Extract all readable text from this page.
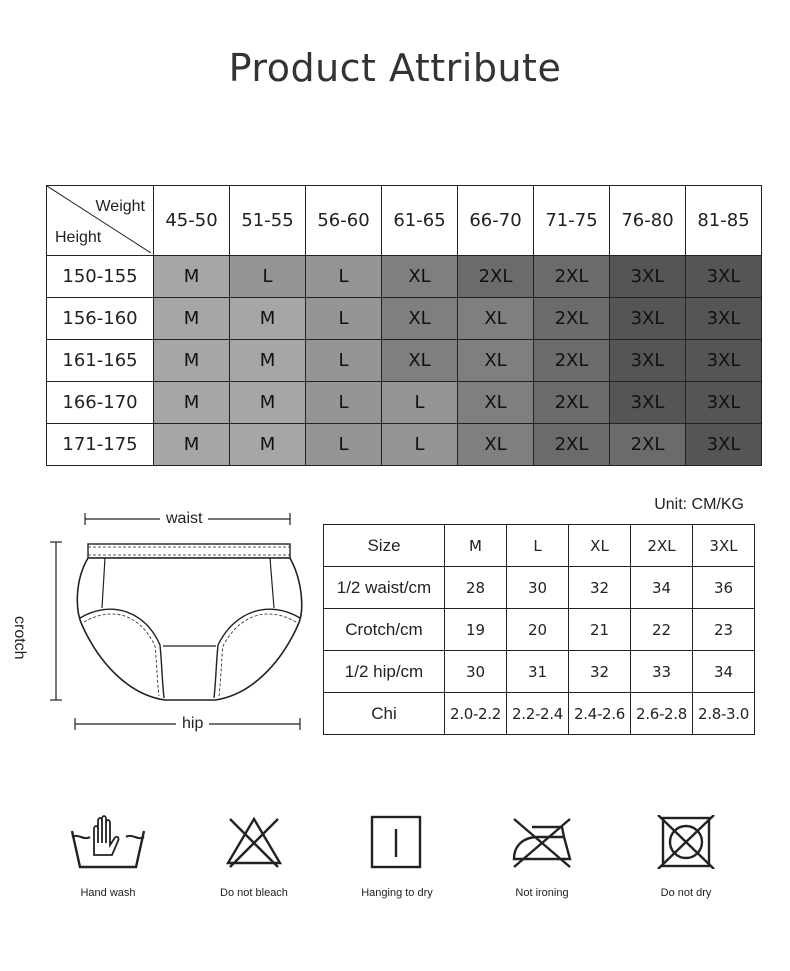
Product Attribute
Weight
Height	45-50	51-55	56-60	61-65	66-70	71-75	76-80	81-85
150-155	M	L	L	XL	2XL	2XL	3XL	3XL
156-160	M	M	L	XL	XL	2XL	3XL	3XL
161-165	M	M	L	XL	XL	2XL	3XL	3XL
166-170	M	M	L	L	XL	2XL	3XL	3XL
171-175	M	M	L	L	XL	2XL	2XL	3XL
waist
hip
crotch
Unit: CM/KG
Size	M	L	XL	2XL	3XL
1/2 waist/cm	28	30	32	34	36
Crotch/cm	19	20	21	22	23
1/2 hip/cm	30	31	32	33	34
Chi	2.0-2.2	2.2-2.4	2.4-2.6	2.6-2.8	2.8-3.0
Hand wash	Do not bleach	Hanging to dry	Not ironing	Do not dry
